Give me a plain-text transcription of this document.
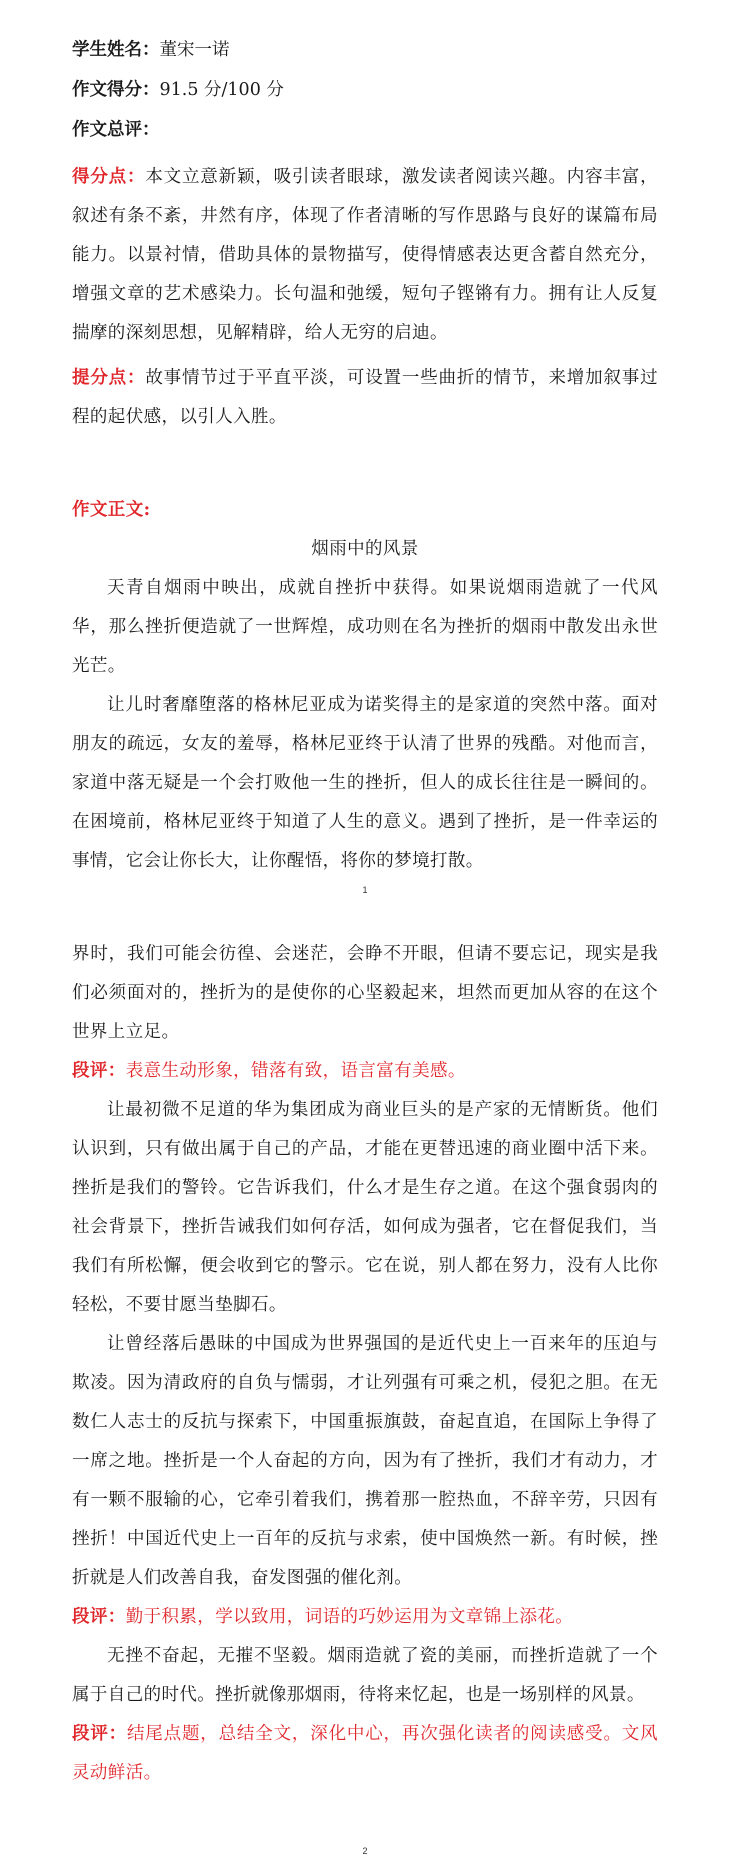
学生姓名：董宋一诺

作文得分：91.5 分/100 分

作文总评：

得分点：本文立意新颖，吸引读者眼球，激发读者阅读兴趣。内容丰富，叙述有条不紊，井然有序，体现了作者清晰的写作思路与良好的谋篇布局能力。以景衬情，借助具体的景物描写，使得情感表达更含蓄自然充分，增强文章的艺术感染力。长句温和弛缓，短句子铿锵有力。拥有让人反复揣摩的深刻思想，见解精辟，给人无穷的启迪。

提分点：故事情节过于平直平淡，可设置一些曲折的情节，来增加叙事过程的起伏感，以引人入胜。

作文正文:

烟雨中的风景

天青自烟雨中映出，成就自挫折中获得。如果说烟雨造就了一代风华，那么挫折便造就了一世辉煌，成功则在名为挫折的烟雨中散发出永世光芒。

让儿时奢靡堕落的格林尼亚成为诺奖得主的是家道的突然中落。面对朋友的疏远，女友的羞辱，格林尼亚终于认清了世界的残酷。对他而言，家道中落无疑是一个会打败他一生的挫折，但人的成长往往是一瞬间的。在困境前，格林尼亚终于知道了人生的意义。遇到了挫折，是一件幸运的事情，它会让你长大，让你醒悟，将你的梦境打散。

1

界时，我们可能会彷徨、会迷茫，会睁不开眼，但请不要忘记，现实是我们必须面对的，挫折为的是使你的心坚毅起来，坦然而更加从容的在这个世界上立足。

段评：表意生动形象，错落有致，语言富有美感。

让最初微不足道的华为集团成为商业巨头的是产家的无情断货。他们认识到，只有做出属于自己的产品，才能在更替迅速的商业圈中活下来。挫折是我们的警铃。它告诉我们，什么才是生存之道。在这个强食弱肉的社会背景下，挫折告诫我们如何存活，如何成为强者，它在督促我们，当我们有所松懈，便会收到它的警示。它在说，别人都在努力，没有人比你轻松，不要甘愿当垫脚石。

让曾经落后愚昧的中国成为世界强国的是近代史上一百来年的压迫与欺凌。因为清政府的自负与懦弱，才让列强有可乘之机，侵犯之胆。在无数仁人志士的反抗与探索下，中国重振旗鼓，奋起直追，在国际上争得了一席之地。挫折是一个人奋起的方向，因为有了挫折，我们才有动力，才有一颗不服输的心，它牵引着我们，携着那一腔热血，不辞辛劳，只因有挫折！中国近代史上一百年的反抗与求索，使中国焕然一新。有时候，挫折就是人们改善自我，奋发图强的催化剂。

段评：勤于积累，学以致用，词语的巧妙运用为文章锦上添花。

无挫不奋起，无摧不坚毅。烟雨造就了瓷的美丽，而挫折造就了一个属于自己的时代。挫折就像那烟雨，待将来忆起，也是一场别样的风景。

段评：结尾点题，总结全文，深化中心，再次强化读者的阅读感受。文风灵动鲜活。

2
